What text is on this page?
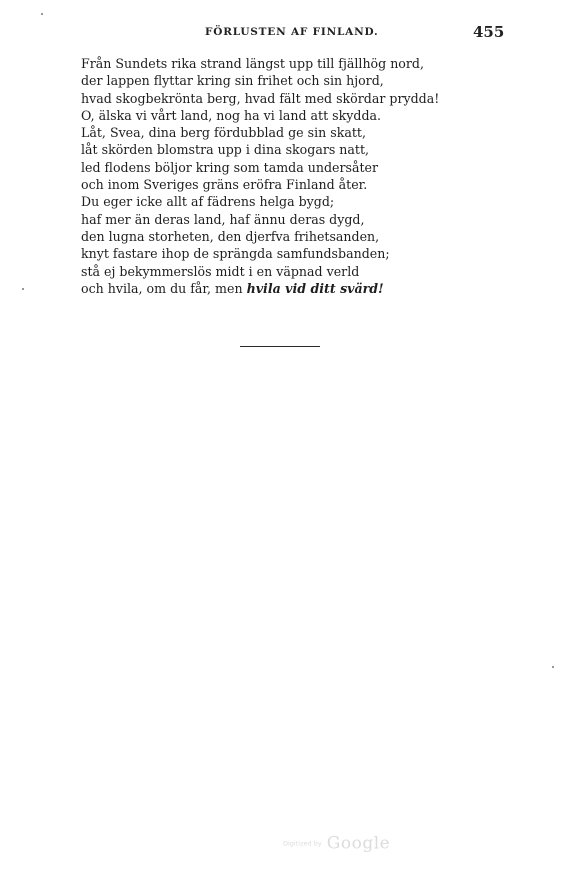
FÖRLUSTEN AF FINLAND.	455
Från Sundets rika strand längst upp till fjällhög nord,
der lappen flyttar kring sin frihet och sin hjord,
hvad skogbekrönta berg, hvad fält med skördar prydda!
O, älska vi vårt land, nog ha vi land att skydda.
Låt, Svea, dina berg fördubblad ge sin skatt,
låt skörden blomstra upp i dina skogars natt,
led flodens böljor kring som tamda undersåter
och inom Sveriges gräns eröfra Finland åter.
Du eger icke allt af fädrens helga bygd;
haf mer än deras land, haf ännu deras dygd,
den lugna storheten, den djerfva frihetsanden,
knyt fastare ihop de sprängda samfundsbanden;
stå ej bekymmerslös midt i en väpnad verld
och hvila, om du får, men hvila vid ditt svärd!
Digitized by Google
